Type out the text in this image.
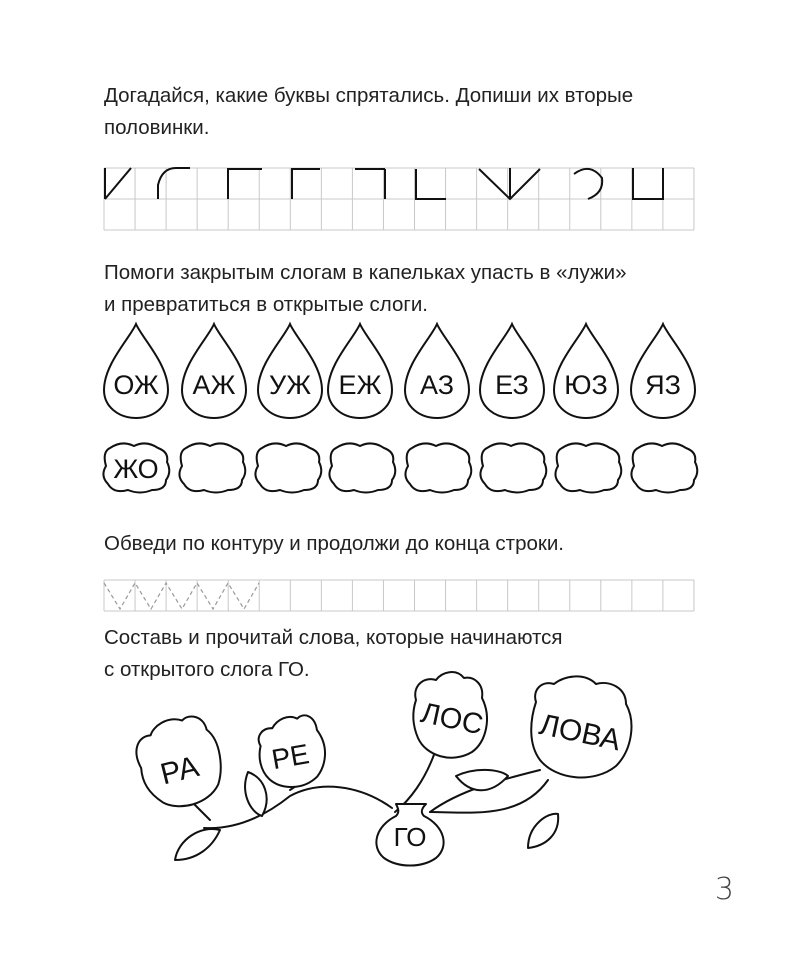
Догадайся, какие буквы спрятались. Допиши их вторые половинки.

Помоги закрытым слогам в капельках упасть в «лужи»

и превратиться в открытые слоги.

ОЖ АЖ УЖ ЕЖ АЗ ЕЗ ЮЗ ЯЗ
ЖО

Обведи по контуру и продолжи до конца строки.

Составь и прочитай слова, которые начинаются

с открытого слога ГО.

РА РЕ
ЛОС ЛОВА
ГО
3
